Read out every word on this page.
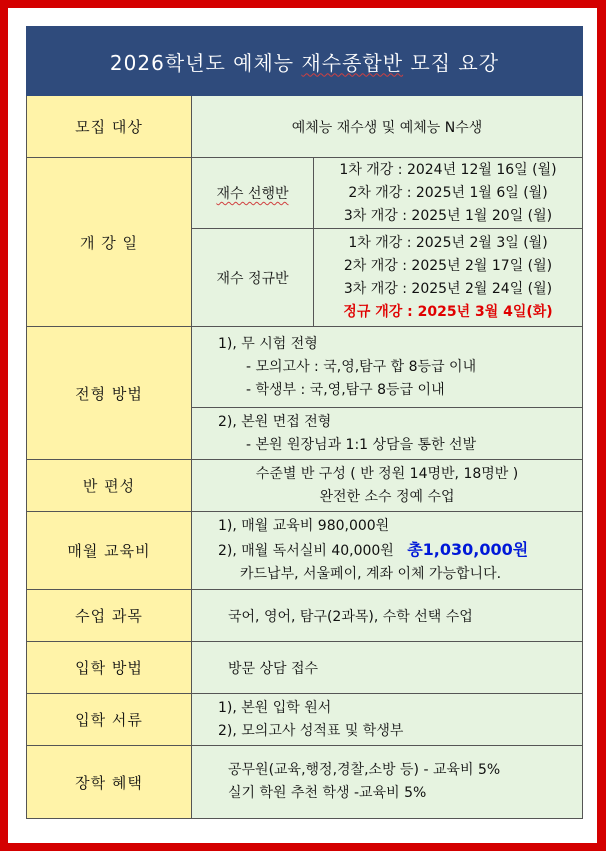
2026학년도 예체능 재수종합반 모집 요강		
모집 대상	예체능 재수생 및 예체능 N수생	
개 강 일	재수 선행반	1차 개강 : 2024년 12월 16일 (월)
2차 개강 : 2025년 1월 6일 (월)
3차 개강 : 2025년 1월 20일 (월)

	재수 정규반	1차 개강 : 2025년 2월 3일 (월)
2차 개강 : 2025년 2월 17일 (월)
3차 개강 : 2025년 2월 24일 (월)
정규 개강 : 2025년 3월 4일(화)

전형 방법	1), 무 시험 전형
- 모의고사 : 국,영,탐구 합 8등급 이내
- 학생부 : 국,영,탐구 8등급 이내	

	2), 본원 면접 전형
- 본원 원장님과 1:1 상담을 통한 선발	

반 편성	수준별 반 구성 ( 반 정원 14명반, 18명반 )
완전한 소수 정예 수업	

매월 교육비	1), 매월 교육비 980,000원
2), 매월 독서실비 40,000원 총1,030,000원
카드납부, 서울페이, 계좌 이체 가능합니다.	

수업 과목	국어, 영어, 탐구(2과목), 수학 선택 수업	
입학 방법	방문 상담 접수	
입학 서류	1), 본원 입학 원서
2), 모의고사 성적표 및 학생부	

장학 혜택	공무원(교육,행정,경찰,소방 등) - 교육비 5%
실기 학원 추천 학생 -교육비 5%	
